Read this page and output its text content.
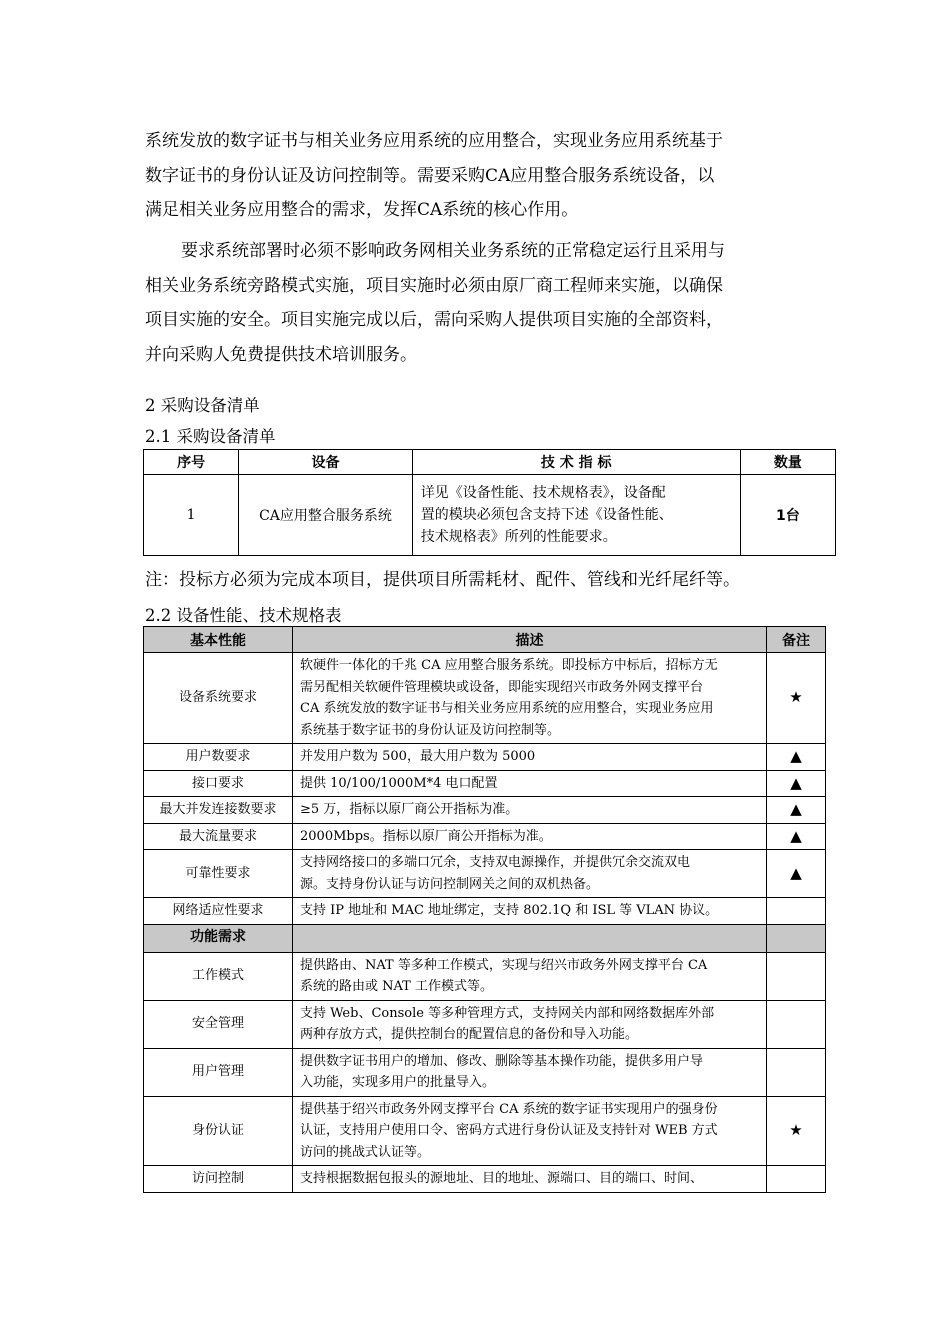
系统发放的数字证书与相关业务应用系统的应用整合，实现业务应用系统基于
数字证书的身份认证及访问控制等。需要采购CA应用整合服务系统设备，以
满足相关业务应用整合的需求，发挥CA系统的核心作用。
要求系统部署时必须不影响政务网相关业务系统的正常稳定运行且采用与
相关业务系统旁路模式实施，项目实施时必须由原厂商工程师来实施，以确保
项目实施的安全。项目实施完成以后，需向采购人提供项目实施的全部资料，
并向采购人免费提供技术培训服务。

2 采购设备清单

2.1 采购设备清单

序号	设备	技 术 指 标	数量
1	CA应用整合服务系统	详见《设备性能、技术规格表》，设备配
置的模块必须包含支持下述《设备性能、
技术规格表》所列的性能要求。	1台

注：投标方必须为完成本项目，提供项目所需耗材、配件、管线和光纤尾纤等。

2.2 设备性能、技术规格表

基本性能	描述	备注
设备系统要求	软硬件一体化的千兆 CA 应用整合服务系统。即投标方中标后，招标方无
需另配相关软硬件管理模块或设备，即能实现绍兴市政务外网支撑平台
CA 系统发放的数字证书与相关业务应用系统的应用整合，实现业务应用
系统基于数字证书的身份认证及访问控制等。	★
用户数要求	并发用户数为 500，最大用户数为 5000	▲
接口要求	提供 10/100/1000M*4 电口配置	▲
最大并发连接数要求	≥5 万，指标以原厂商公开指标为准。	▲
最大流量要求	2000Mbps。指标以原厂商公开指标为准。	▲
可靠性要求	支持网络接口的多端口冗余，支持双电源操作，并提供冗余交流双电
源。支持身份认证与访问控制网关之间的双机热备。	▲
网络适应性要求	支持 IP 地址和 MAC 地址绑定，支持 802.1Q 和 ISL 等 VLAN 协议。	

功能需求		
工作模式	提供路由、NAT 等多种工作模式，实现与绍兴市政务外网支撑平台 CA
系统的路由或 NAT 工作模式等。	

安全管理	支持 Web、Console 等多种管理方式，支持网关内部和网络数据库外部
两种存放方式，提供控制台的配置信息的备份和导入功能。	

用户管理	提供数字证书用户的增加、修改、删除等基本操作功能，提供多用户导
入功能，实现多用户的批量导入。	

身份认证	提供基于绍兴市政务外网支撑平台 CA 系统的数字证书实现用户的强身份
认证，支持用户使用口令、密码方式进行身份认证及支持针对 WEB 方式
访问的挑战式认证等。	★
访问控制	支持根据数据包报头的源地址、目的地址、源端口、目的端口、时间、	
